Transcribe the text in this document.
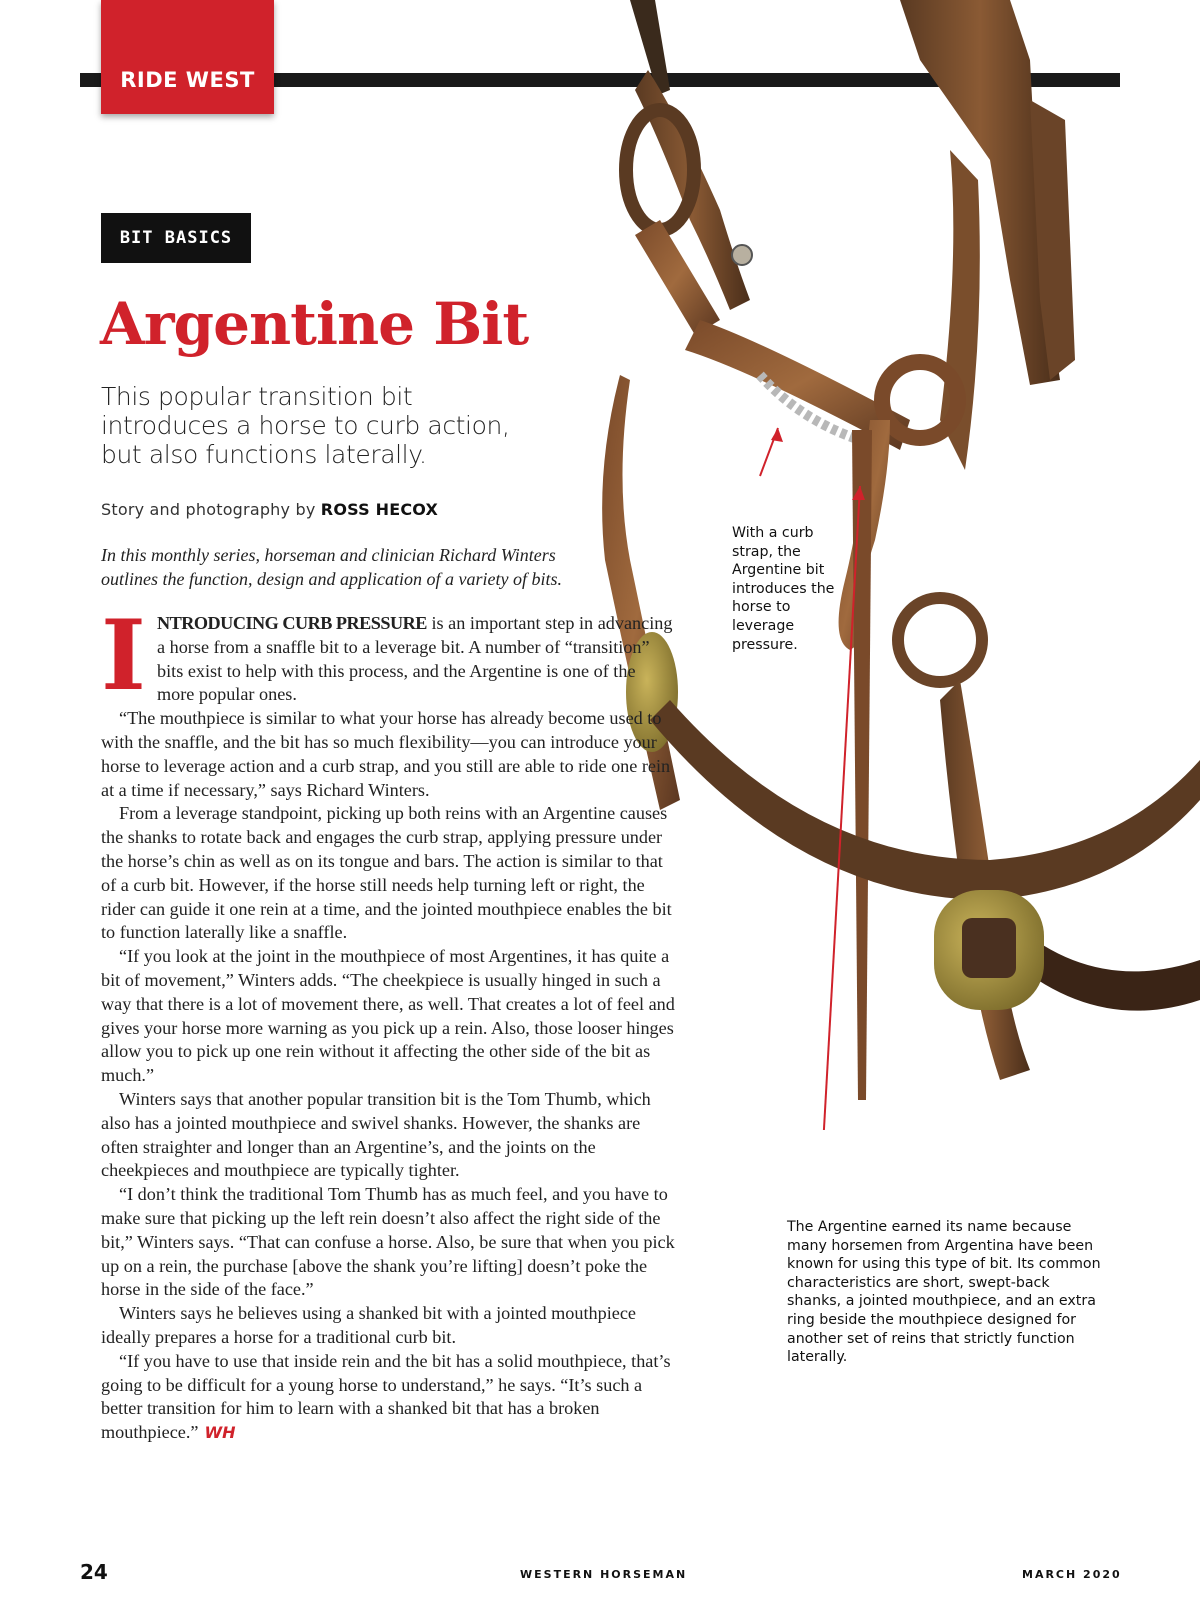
RIDE WEST
BIT BASICS
Argentine Bit
This popular transition bit introduces a horse to curb action, but also functions laterally.
Story and photography by ROSS HECOX
In this monthly series, horseman and clinician Richard Winters outlines the function, design and application of a variety of bits.

INTRODUCING CURB PRESSURE is an important step in advancing a horse from a snaffle bit to a leverage bit. A number of “transition” bits exist to help with this process, and the Argentine is one of the more popular ones.

“The mouthpiece is similar to what your horse has already become used to with the snaffle, and the bit has so much flexibility—you can introduce your horse to leverage action and a curb strap, and you still are able to ride one rein at a time if necessary,” says Richard Winters.

From a leverage standpoint, picking up both reins with an Argentine causes the shanks to rotate back and engages the curb strap, applying pressure under the horse’s chin as well as on its tongue and bars. The action is similar to that of a curb bit. However, if the horse still needs help turning left or right, the rider can guide it one rein at a time, and the jointed mouthpiece enables the bit to function laterally like a snaffle.

“If you look at the joint in the mouthpiece of most Argentines, it has quite a bit of movement,” Winters adds. “The cheekpiece is usually hinged in such a way that there is a lot of movement there, as well. That creates a lot of feel and gives your horse more warning as you pick up a rein. Also, those looser hinges allow you to pick up one rein without it affecting the other side of the bit as much.”

Winters says that another popular transition bit is the Tom Thumb, which also has a jointed mouthpiece and swivel shanks. However, the shanks are often straighter and longer than an Argentine’s, and the joints on the cheekpieces and mouthpiece are typically tighter.

“I don’t think the traditional Tom Thumb has as much feel, and you have to make sure that picking up the left rein doesn’t also affect the right side of the bit,” Winters says. “That can confuse a horse. Also, be sure that when you pick up on a rein, the purchase [above the shank you’re lifting] doesn’t poke the horse in the side of the face.”

Winters says he believes using a shanked bit with a jointed mouthpiece ideally prepares a horse for a traditional curb bit.

“If you have to use that inside rein and the bit has a solid mouthpiece, that’s going to be difficult for a young horse to understand,” he says. “It’s such a better transition for him to learn with a shanked bit that has a broken mouthpiece.” WH

With a curb strap, the Argentine bit introduces the horse to leverage pressure.
The Argentine earned its name because many horsemen from Argentina have been known for using this type of bit. Its common characteristics are short, swept-back shanks, a jointed mouthpiece, and an extra ring beside the mouthpiece designed for another set of reins that strictly function laterally.
24	WESTERN HORSEMAN	MARCH 2020
